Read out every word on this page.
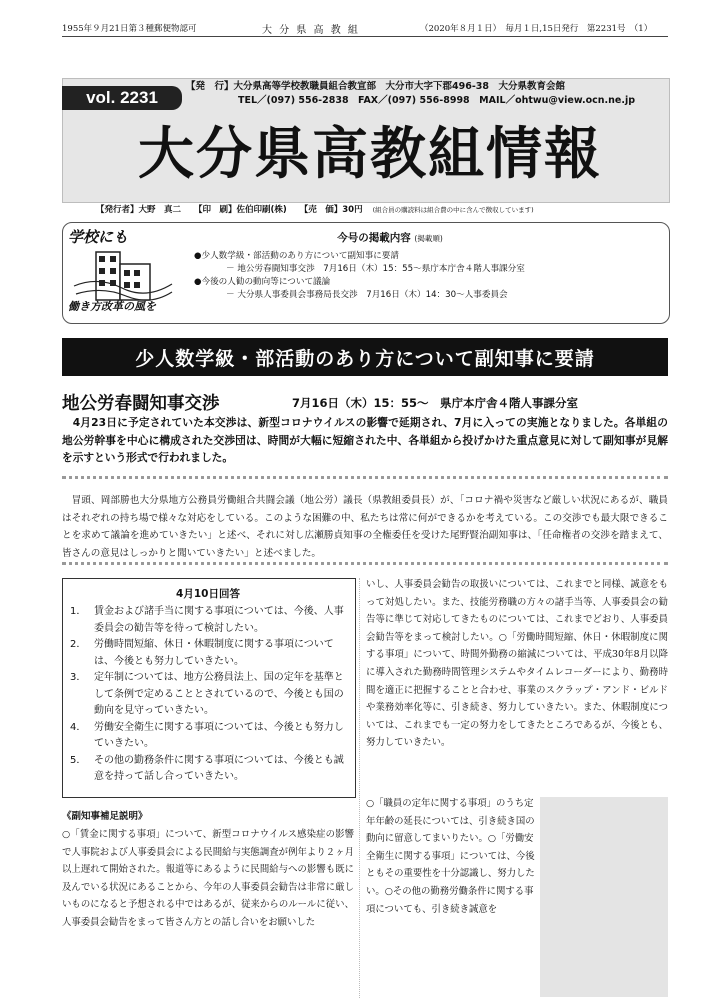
1955年９月21日第３種郵便物認可	大 分 県 高 教 組	（2020年８月１日）　毎月１日,15日発行　第2231号　（1）
vol. 2231
【発　行】大分県高等学校教職員組合教宣部　大分市大字下郡496-38　大分県教育会館
TEL／(097) 556-2838　FAX／(097) 556-8998　MAIL／ohtwu@view.ocn.ne.jp
大分県高教組情報
【発行者】大野　真二 【印　刷】佐伯印刷(株) 【売　価】30円 (組合員の購読料は組合費の中に含んで徴収しています)
学校にも
働き方改革の風を
今号の掲載内容 (掲載順)
●少人数学級・部活動のあり方について副知事に要請
－ 地公労春闘知事交渉　7月16日（木）15：55～県庁本庁舎４階人事課分室
●今後の人勧の動向等について議論
－ 大分県人事委員会事務局長交渉　7月16日（木）14：30～人事委員会
少人数学級・部活動のあり方について副知事に要請
地公労春闘知事交渉	7月16日（木）15：55～　県庁本庁舎４階人事課分室
4月23日に予定されていた本交渉は、新型コロナウイルスの影響で延期され、7月に入っての実施となりました。各単組の地公労幹事を中心に構成された交渉団は、時間が大幅に短縮された中、各単組から投げかけた重点意見に対して副知事が見解を示すという形式で行われました。
冒頭、岡部勝也大分県地方公務員労働組合共闘会議（地公労）議長（県教組委員長）が、「コロナ禍や災害など厳しい状況にあるが、職員はそれぞれの持ち場で様々な対応をしている。このような困難の中、私たちは常に何ができるかを考えている。この交渉でも最大限できることを求めて議論を進めていきたい」と述べ、それに対し広瀬勝貞知事の全権委任を受けた尾野賢治副知事は、「任命権者の交渉を踏まえて、皆さんの意見はしっかりと聞いていきたい」と述べました。
4月10日回答
1． 賃金および諸手当に関する事項については、今後、人事委員会の勧告等を待って検討したい。
2． 労働時間短縮、休日・休暇制度に関する事項については、今後とも努力していきたい。
3． 定年制については、地方公務員法上、国の定年を基準として条例で定めることとされているので、今後とも国の動向を見守っていきたい。
4． 労働安全衛生に関する事項については、今後とも努力していきたい。
5． その他の勤務条件に関する事項については、今後とも誠意を持って話し合っていきたい。
《副知事補足説明》
○「賃金に関する事項」について、新型コロナウイルス感染症の影響で人事院および人事委員会による民間給与実態調査が例年より２ヶ月以上遅れて開始された。報道等にあるように民間給与への影響も既に及んでいる状況にあることから、今年の人事委員会勧告は非常に厳しいものになると予想される中ではあるが、従来からのルールに従い、人事委員会勧告をまって皆さん方との話し合いをお願いした
いし、人事委員会勧告の取扱いについては、これまでと同様、誠意をもって対処したい。また、技能労務職の方々の諸手当等、人事委員会の勧告等に準じて対応してきたものについては、これまでどおり、人事委員会勧告等をまって検討したい。○「労働時間短縮、休日・休暇制度に関する事項」について、時間外勤務の縮減については、平成30年8月以降に導入された勤務時間管理システムやタイムレコーダーにより、勤務時間を適正に把握することと合わせ、事業のスクラップ・アンド・ビルドや業務効率化等に、引き続き、努力していきたい。また、休暇制度については、これまでも一定の努力をしてきたところであるが、今後とも、努力していきたい。
○「職員の定年に関する事項」のうち定年年齢の延長については、引き続き国の動向に留意してまいりたい。○「労働安全衛生に関する事項」については、今後ともその重要性を十分認識し、努力したい。○その他の勤務労働条件に関する事項についても、引き続き誠意を
